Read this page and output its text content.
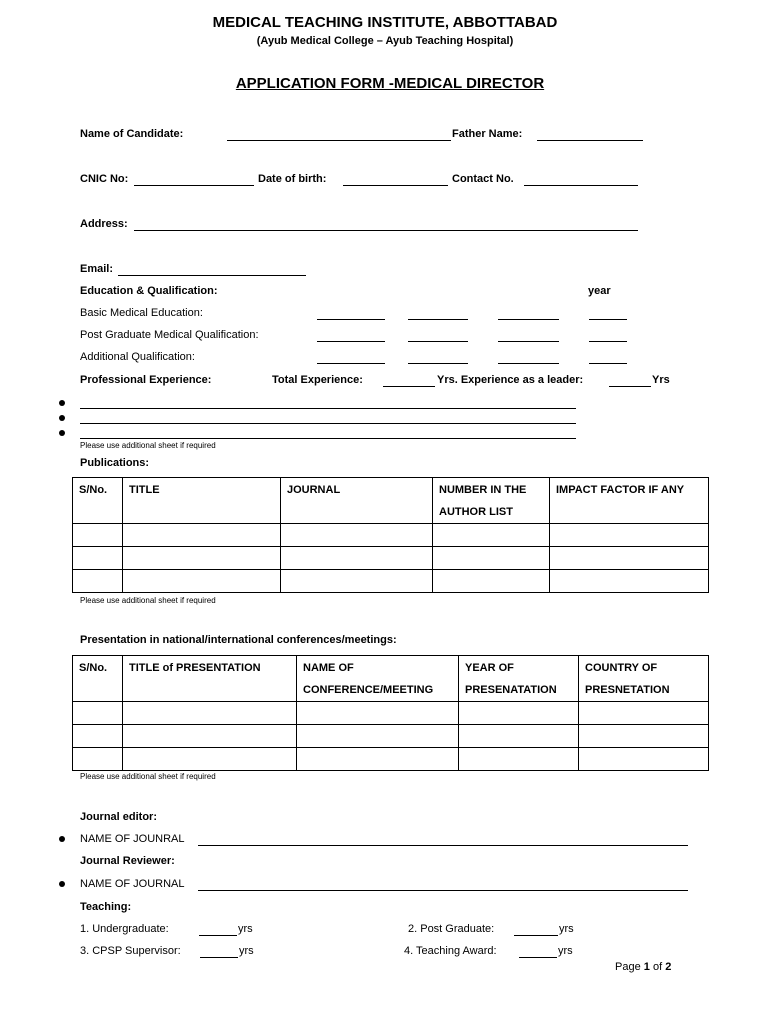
MEDICAL TEACHING INSTITUTE, ABBOTTABAD
(Ayub Medical College – Ayub Teaching Hospital)
APPLICATION FORM -MEDICAL DIRECTOR
Name of Candidate:	Father Name:
CNIC No:	Date of birth:	Contact No.
Address:
Email:
Education & Qualification:	year
Basic Medical Education:
Post Graduate Medical Qualification:
Additional Qualification:
Professional Experience:	Total Experience:	Yrs. Experience as a leader:	Yrs
Please use additional sheet if required
Publications:
S/No.	TITLE	JOURNAL	NUMBER IN THE AUTHOR LIST	IMPACT FACTOR IF ANY

Please use additional sheet if required
Presentation in national/international conferences/meetings:
S/No.	TITLE of PRESENTATION	NAME OF CONFERENCE/MEETING	YEAR OF PRESENATATION	COUNTRY OF PRESNETATION

Please use additional sheet if required
Journal editor:
NAME OF JOUNRAL
Journal Reviewer:
NAME OF JOURNAL
Teaching:
1. Undergraduate:	yrs	2. Post Graduate:	yrs
3. CPSP Supervisor:	yrs	4. Teaching Award:	yrs
Page 1 of 2
